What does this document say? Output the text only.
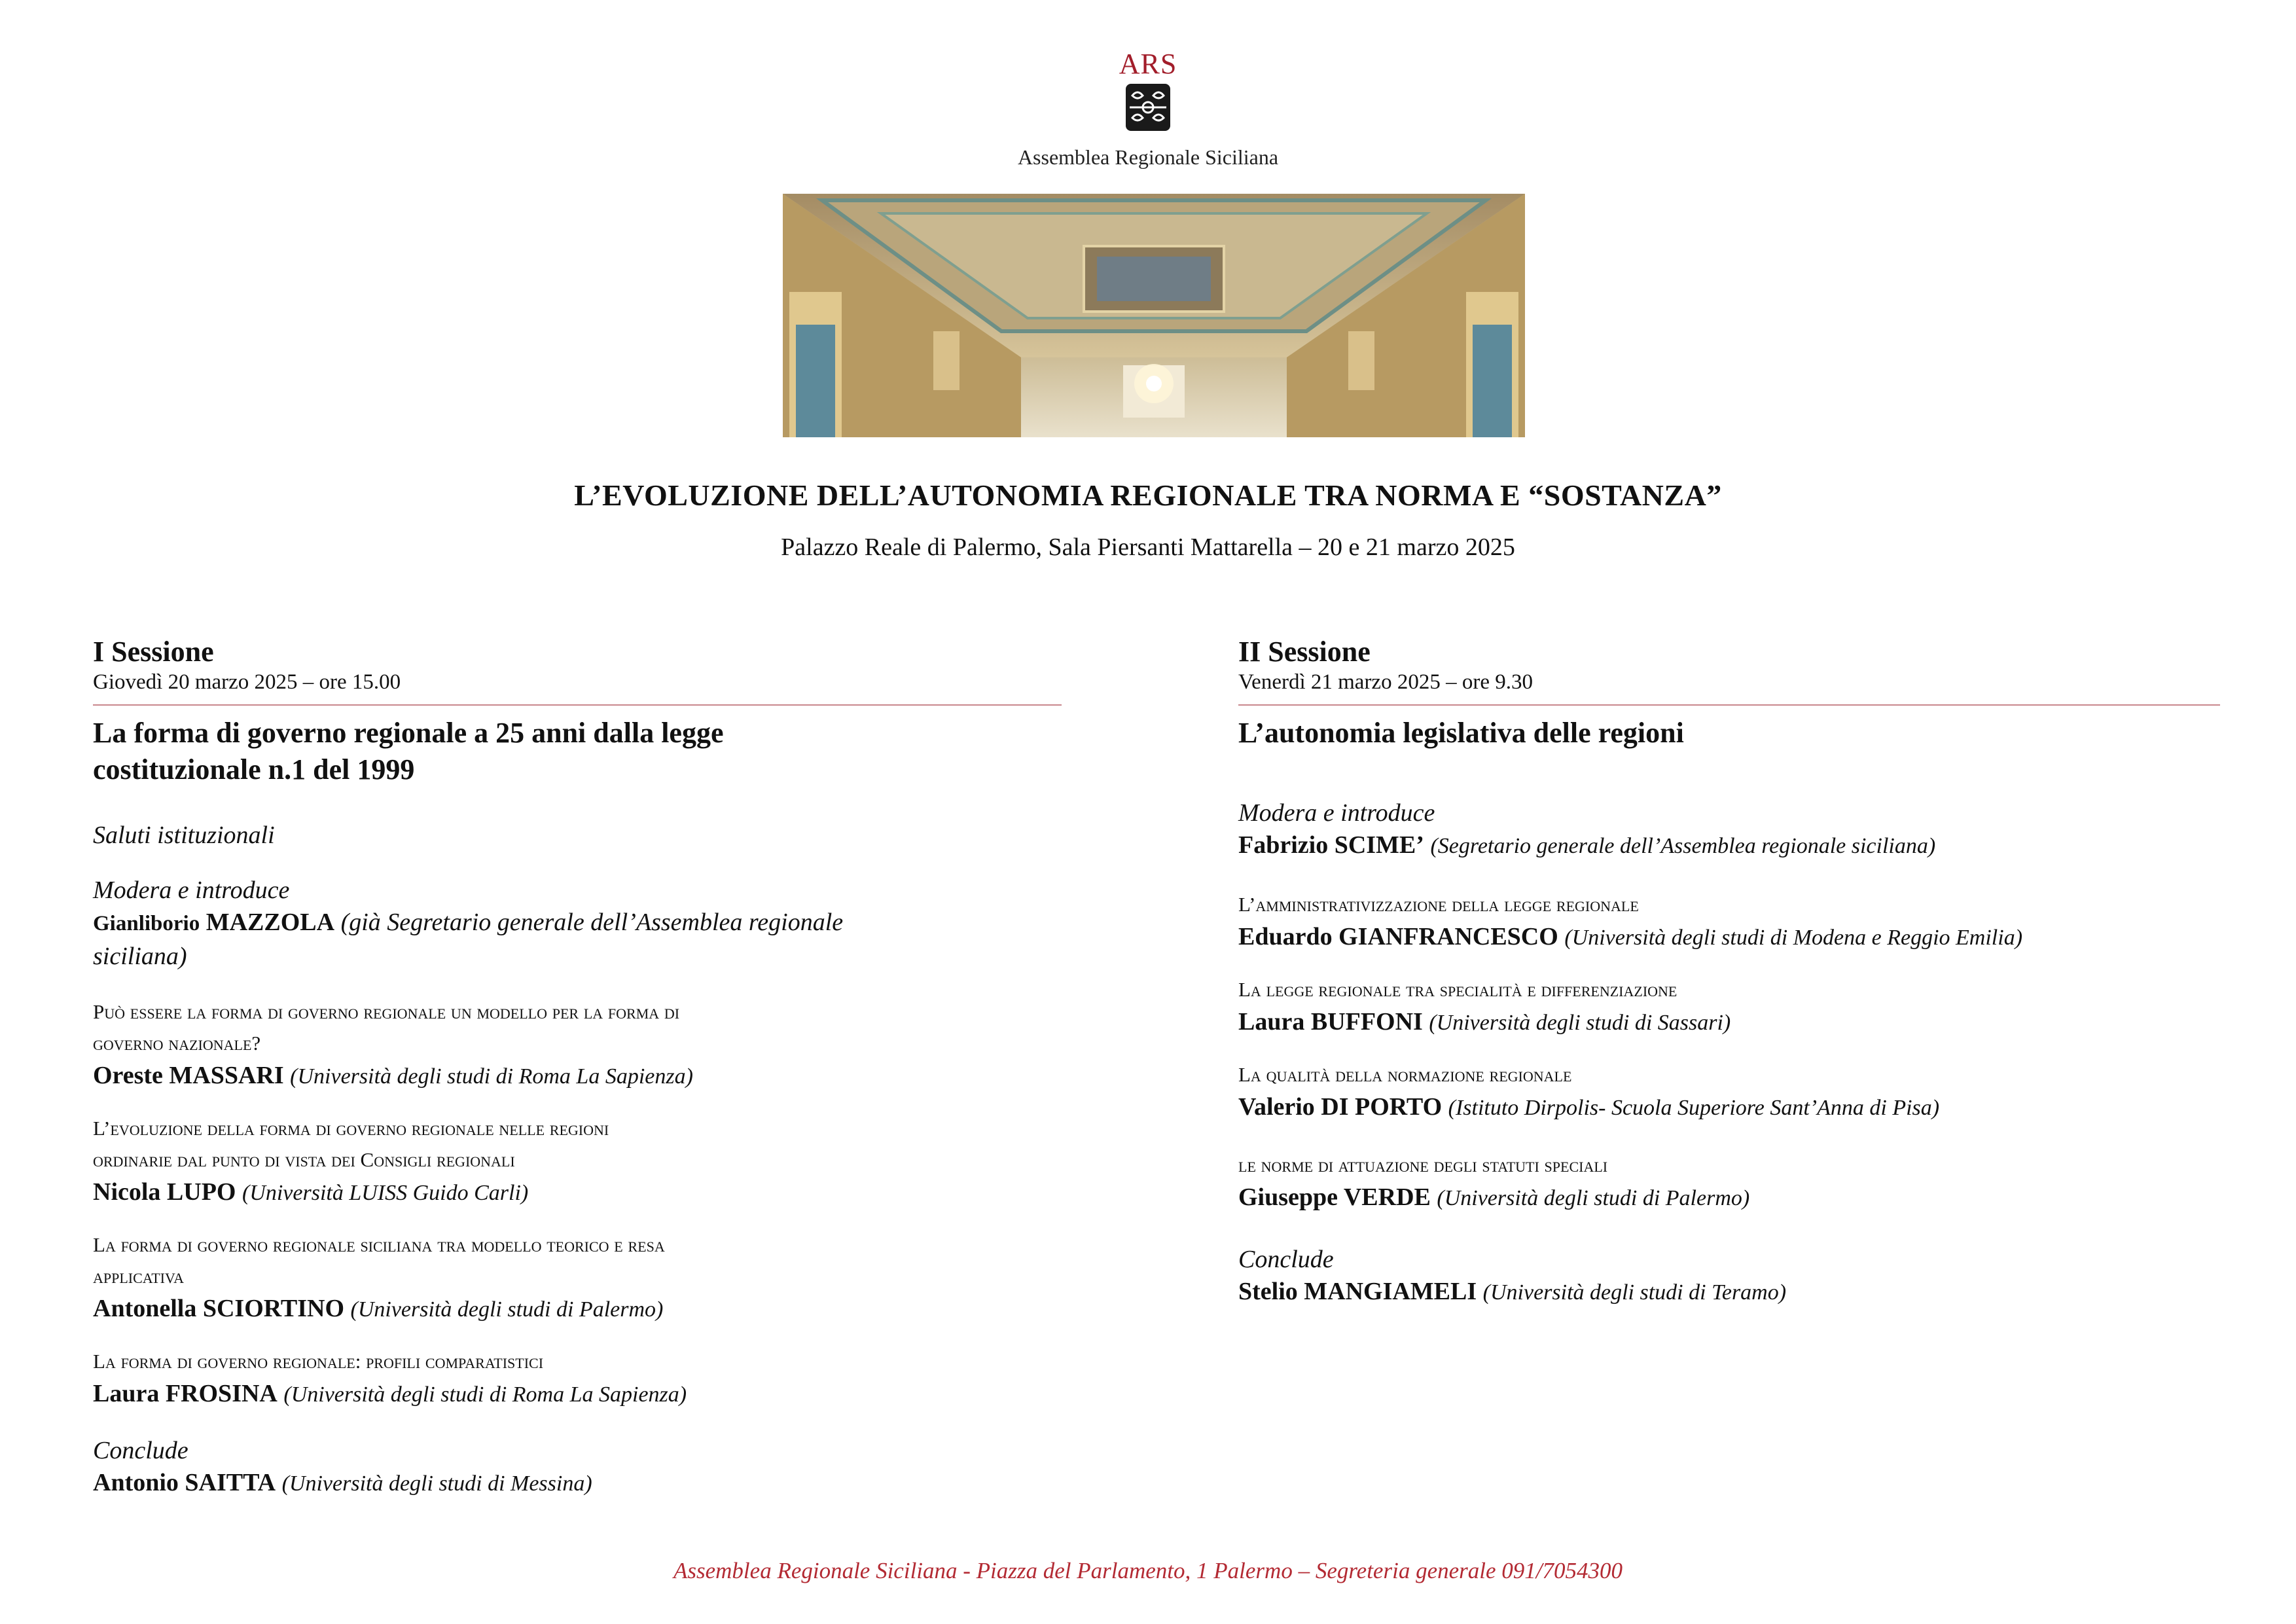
ARS
Assemblea Regionale Siciliana
L’EVOLUZIONE DELL’AUTONOMIA REGIONALE TRA NORMA E “SOSTANZA”
Palazzo Reale di Palermo, Sala Piersanti Mattarella – 20 e 21 marzo 2025
I Sessione
Giovedì 20 marzo 2025 – ore 15.00
La forma di governo regionale a 25 anni dalla legge
costituzionale n.1 del 1999
Saluti istituzionali
Modera e introduce
Gianliborio MAZZOLA (già Segretario generale dell’Assemblea regionale
siciliana)
Può essere la forma di governo regionale un modello per la forma di
governo nazionale?
Oreste MASSARI (Università degli studi di Roma La Sapienza)
L’evoluzione della forma di governo regionale nelle regioni
ordinarie dal punto di vista dei Consigli regionali
Nicola LUPO (Università LUISS Guido Carli)
La forma di governo regionale siciliana tra modello teorico e resa
applicativa
Antonella SCIORTINO (Università degli studi di Palermo)
La forma di governo regionale: profili comparatistici
Laura FROSINA (Università degli studi di Roma La Sapienza)
Conclude
Antonio SAITTA (Università degli studi di Messina)
II Sessione
Venerdì 21 marzo 2025 – ore 9.30
L’autonomia legislativa delle regioni
Modera e introduce
Fabrizio SCIME’ (Segretario generale dell’Assemblea regionale siciliana)
L’amministrativizzazione della legge regionale
Eduardo GIANFRANCESCO (Università degli studi di Modena e Reggio Emilia)
La legge regionale tra specialità e differenziazione
Laura BUFFONI (Università degli studi di Sassari)
La qualità della normazione regionale
Valerio DI PORTO (Istituto Dirpolis- Scuola Superiore Sant’Anna di Pisa)
le norme di attuazione degli statuti speciali
Giuseppe VERDE (Università degli studi di Palermo)
Conclude
Stelio MANGIAMELI (Università degli studi di Teramo)
Assemblea Regionale Siciliana - Piazza del Parlamento, 1 Palermo – Segreteria generale 091/7054300
